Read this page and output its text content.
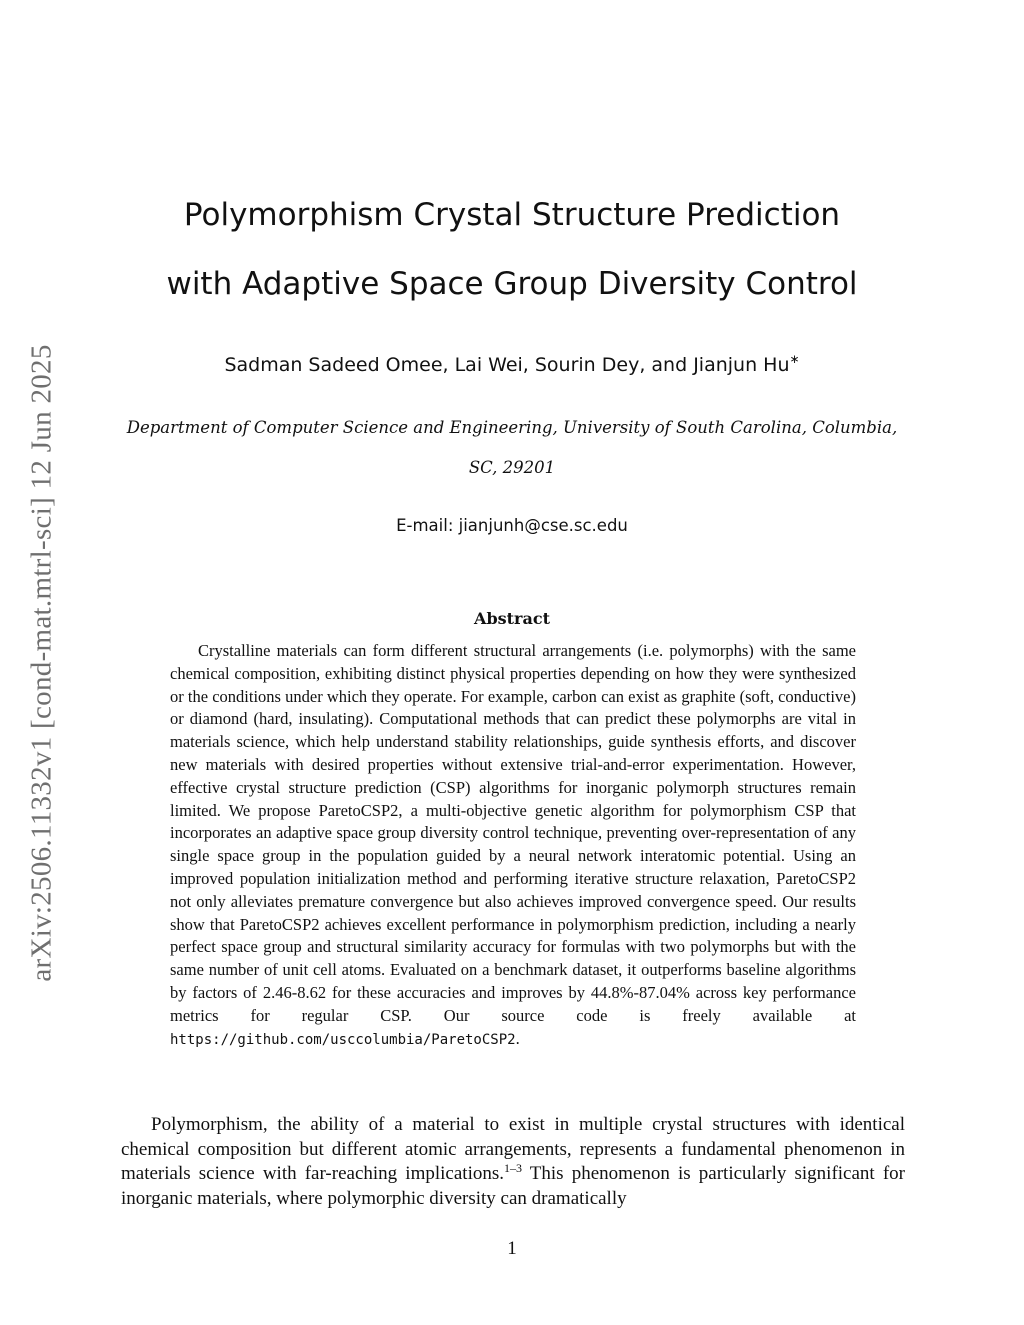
arXiv:2506.11332v1 [cond-mat.mtrl-sci] 12 Jun 2025
Polymorphism Crystal Structure Prediction
with Adaptive Space Group Diversity Control
Sadman Sadeed Omee, Lai Wei, Sourin Dey, and Jianjun Hu∗
Department of Computer Science and Engineering, University of South Carolina, Columbia,
SC, 29201
E-mail: jianjunh@cse.sc.edu
Abstract

Crystalline materials can form different structural arrangements (i.e. polymorphs) with the same chemical composition, exhibiting distinct physical properties depending on how they were synthesized or the conditions under which they operate. For example, carbon can exist as graphite (soft, conductive) or diamond (hard, insulating). Computational methods that can predict these polymorphs are vital in materials science, which help understand stability relationships, guide synthesis efforts, and discover new materials with desired properties without extensive trial-and-error experimentation. However, effective crystal structure prediction (CSP) algorithms for inorganic polymorph structures remain limited. We propose ParetoCSP2, a multi-objective genetic algorithm for polymorphism CSP that incorporates an adaptive space group diversity control technique, preventing over-representation of any single space group in the population guided by a neural network interatomic potential. Using an improved population initialization method and performing iterative structure relaxation, ParetoCSP2 not only alleviates premature convergence but also achieves improved convergence speed. Our results show that ParetoCSP2 achieves excellent performance in polymorphism prediction, including a nearly perfect space group and structural similarity accuracy for formulas with two polymorphs but with the same number of unit cell atoms. Evaluated on a benchmark dataset, it outperforms baseline algorithms by factors of 2.46-8.62 for these accuracies and improves by 44.8%-87.04% across key performance metrics for regular CSP. Our source code is freely available at https://github.com/usccolumbia/ParetoCSP2.

Polymorphism, the ability of a material to exist in multiple crystal structures with identical chemical composition but different atomic arrangements, represents a fundamental phenomenon in materials science with far-reaching implications.$^{1-3}$ This phenomenon is particularly significant for inorganic materials, where polymorphic diversity can dramatically

1
